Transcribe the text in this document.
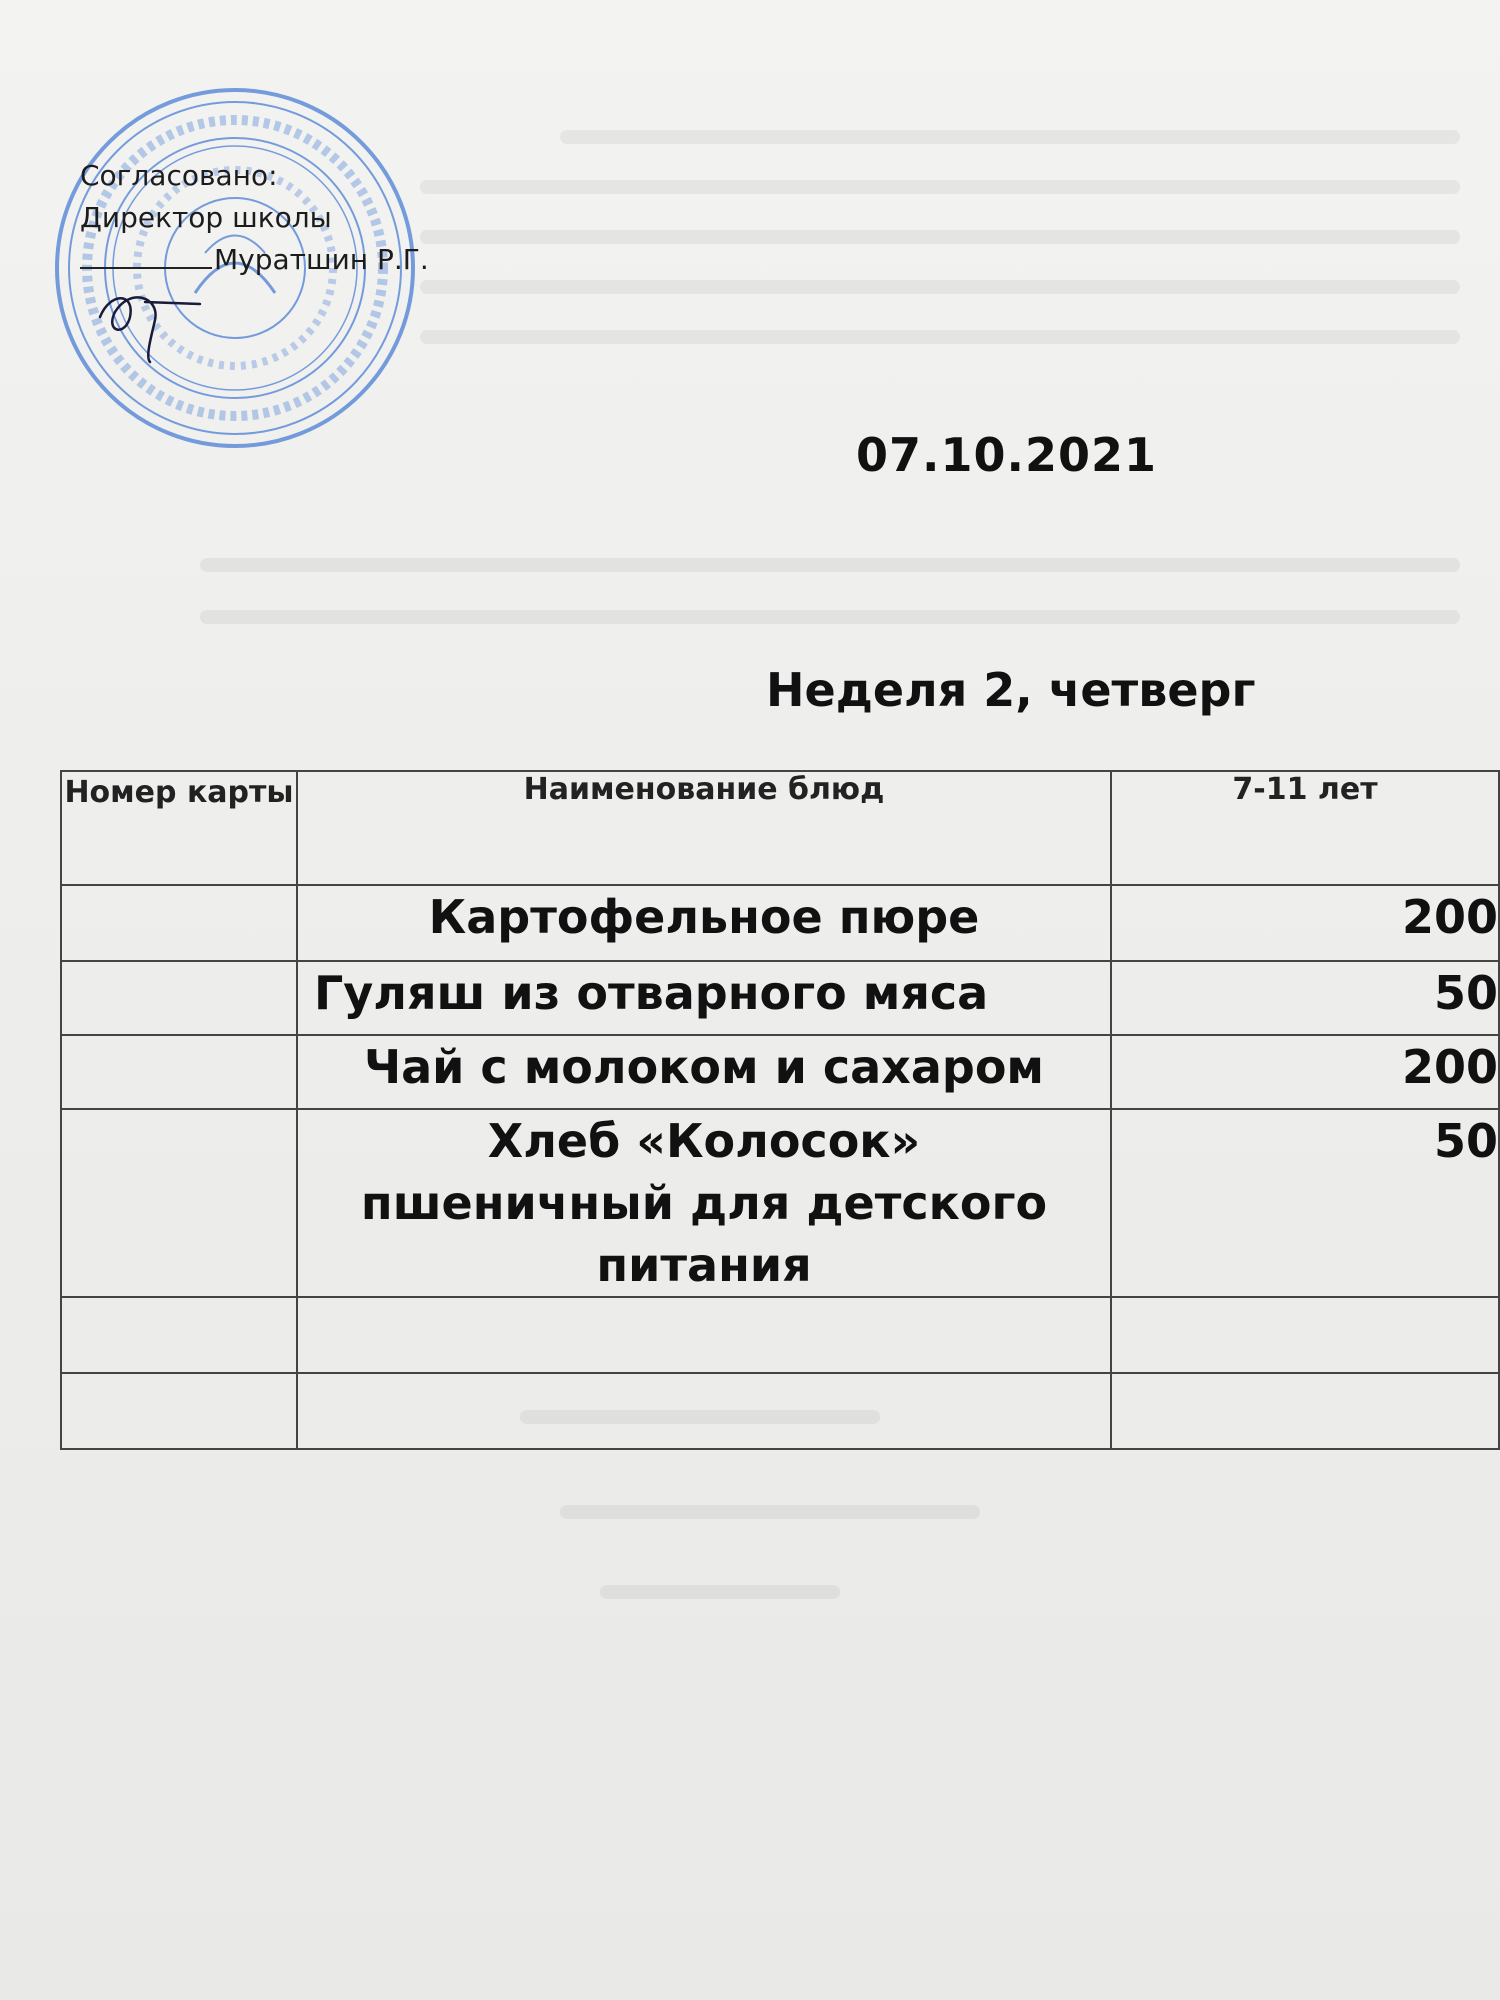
Согласовано:
Директор школы
Муратшин Р.Г.
07.10.2021
Неделя 2, четверг
Номер карты	Наименование блюд	7-11 лет
	Картофельное пюре	200
	Гуляш из отварного мяса	50
	Чай с молоком и сахаром	200
	Хлеб «Колосок» пшеничный для детского питания	50
